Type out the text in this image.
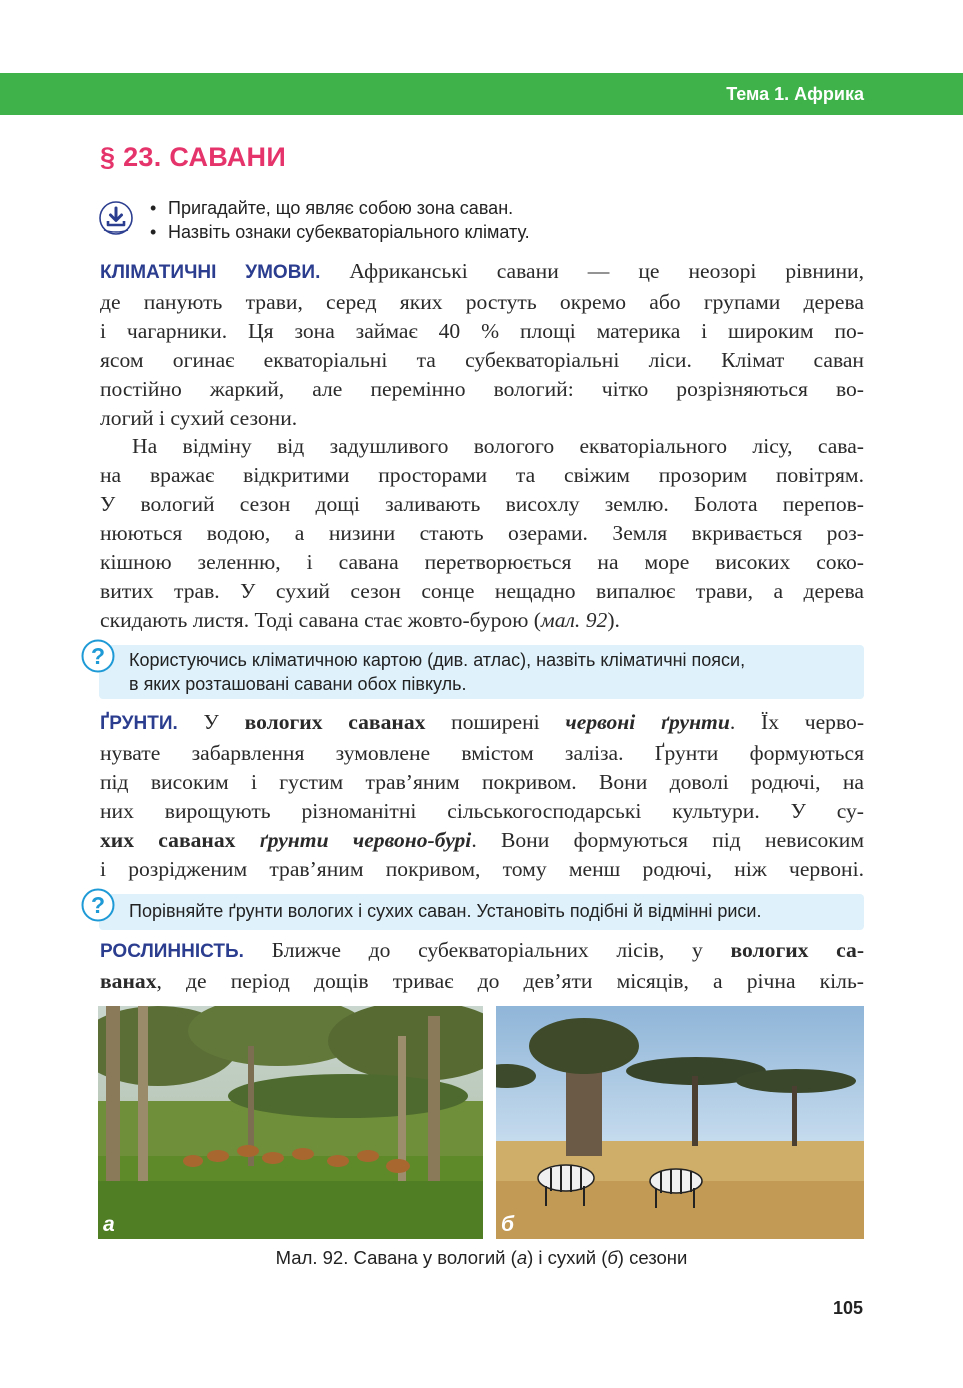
Тема 1. Африка
§ 23. САВАНИ
• Пригадайте, що являє собою зона саван.
• Назвіть ознаки субекваторіального клімату.
КЛІМАТИЧНІ УМОВИ. Африканські савани — це неозорі рівнини,
де панують трави, серед яких ростуть окремо або групами дерева
і чагарники. Ця зона займає 40 % площі материка і широким по-
ясом огинає екваторіальні та субекваторіальні ліси. Клімат саван
постійно жаркий, але перемінно вологий: чітко розрізняються во-
логий і сухий сезони.
На відміну від задушливого вологого екваторіального лісу, сава-
на вражає відкритими просторами та свіжим прозорим повітрям.
У вологий сезон дощі заливають висохлу землю. Болота перепов-
нюються водою, а низини стають озерами. Земля вкривається роз-
кішною зеленню, і савана перетворюється на море високих соко-
витих трав. У сухий сезон сонце нещадно випалює трави, а дерева
скидають листя. Тоді савана стає жовто-бурою (мал. 92).
? Користуючись кліматичною картою (див. атлас), назвіть кліматичні пояси,
в яких розташовані савани обох півкуль.
ҐРУНТИ. У вологих саванах поширені червоні ґрунти. Їх черво-
нувате забарвлення зумовлене вмістом заліза. Ґрунти формуються
під високим і густим трав’яним покривом. Вони доволі родючі, на
них вирощують різноманітні сільськогосподарські культури. У су-
хих саванах ґрунти червоно-бурі. Вони формуються під невисоким
і розрідженим трав’яним покривом, тому менш родючі, ніж червоні.
? Порівняйте ґрунти вологих і сухих саван. Установіть подібні й відмінні риси.
РОСЛИННІСТЬ. Ближче до субекваторіальних лісів, у вологих са-
ванах, де період дощів триває до дев’яти місяців, а річна кіль-
а	б
Мал. 92. Савана у вологий (а) і сухий (б) сезони
105
